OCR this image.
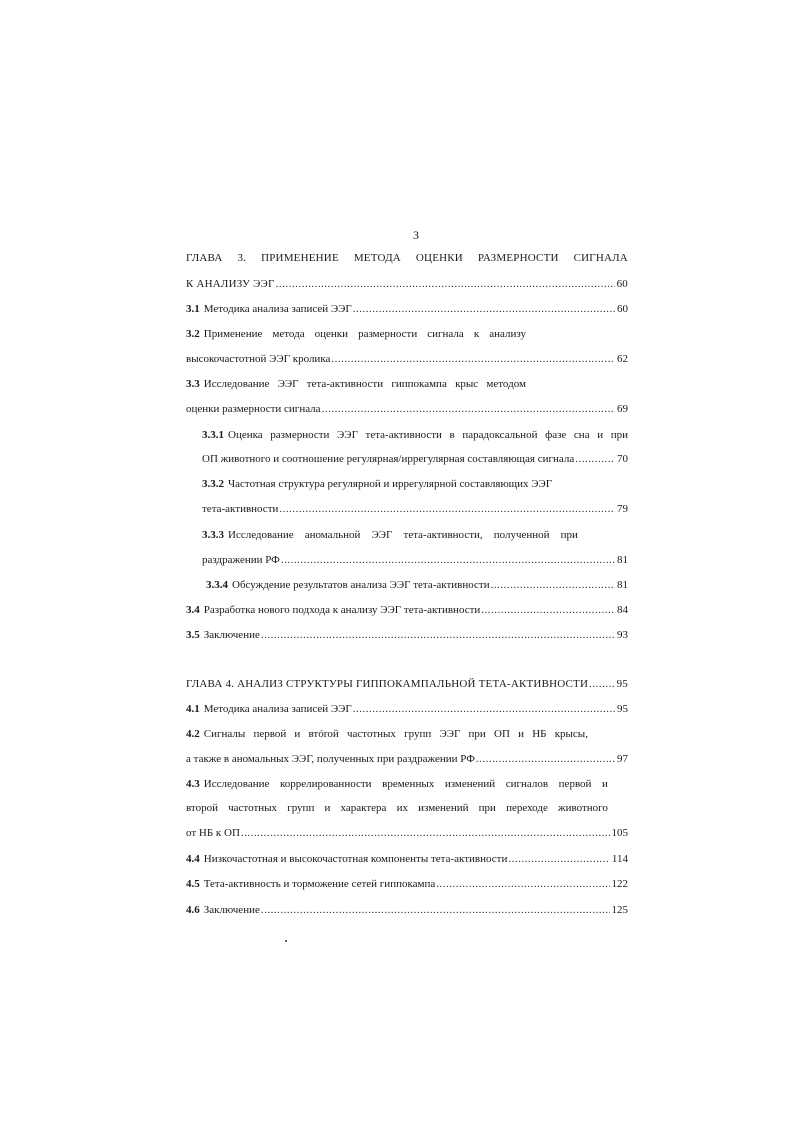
3
ГЛАВА 3. ПРИМЕНЕНИЕ МЕТОДА ОЦЕНКИ РАЗМЕРНОСТИ СИГНАЛА
К АНАЛИЗУ ЭЭГ .....	60
3.1 Методика анализа записей ЭЭГ .....	60
3.2 Применение метода оценки размерности сигнала к анализу
высокочастотной ЭЭГ кролика .....	62
3.3 Исследование ЭЭГ тета-активности гиппокампа крыс методом
оценки размерности сигнала .....	69
3.3.1 Оценка размерности ЭЭГ тета-активности в парадоксальной фазе сна и при
ОП животного и соотношение регулярная/иррегулярная составляющая сигнала .....	70
3.3.2 Частотная структура регулярной и иррегулярной составляющих ЭЭГ
тета-активности .....	79
3.3.3 Исследование аномальной ЭЭГ тета-активности, полученной при
раздражении РФ .....	81
3.3.4 Обсуждение результатов анализа ЭЭГ тета-активности .....	81
3.4 Разработка нового подхода к анализу ЭЭГ тета-активности .....	84
3.5 Заключение .....	93
ГЛАВА 4. АНАЛИЗ СТРУКТУРЫ ГИППОКАМПАЛЬНОЙ ТЕТА-АКТИВНОСТИ .....	95
4.1 Методика анализа записей ЭЭГ .....	95
4.2 Сигналы первой и втórой частотных групп ЭЭГ при ОП и НБ крысы,
а также в аномальных ЭЭГ, полученных при раздражении РФ .....	97
4.3 Исследование коррелированности временных изменений сигналов первой и
второй частотных групп и характера их изменений при переходе животного
от НБ к ОП .....	105
4.4 Низкочастотная и высокочастотная компоненты тета-активности .....	114
4.5 Тета-активность и торможение сетей гиппокампа .....	122
4.6 Заключение .....	125
